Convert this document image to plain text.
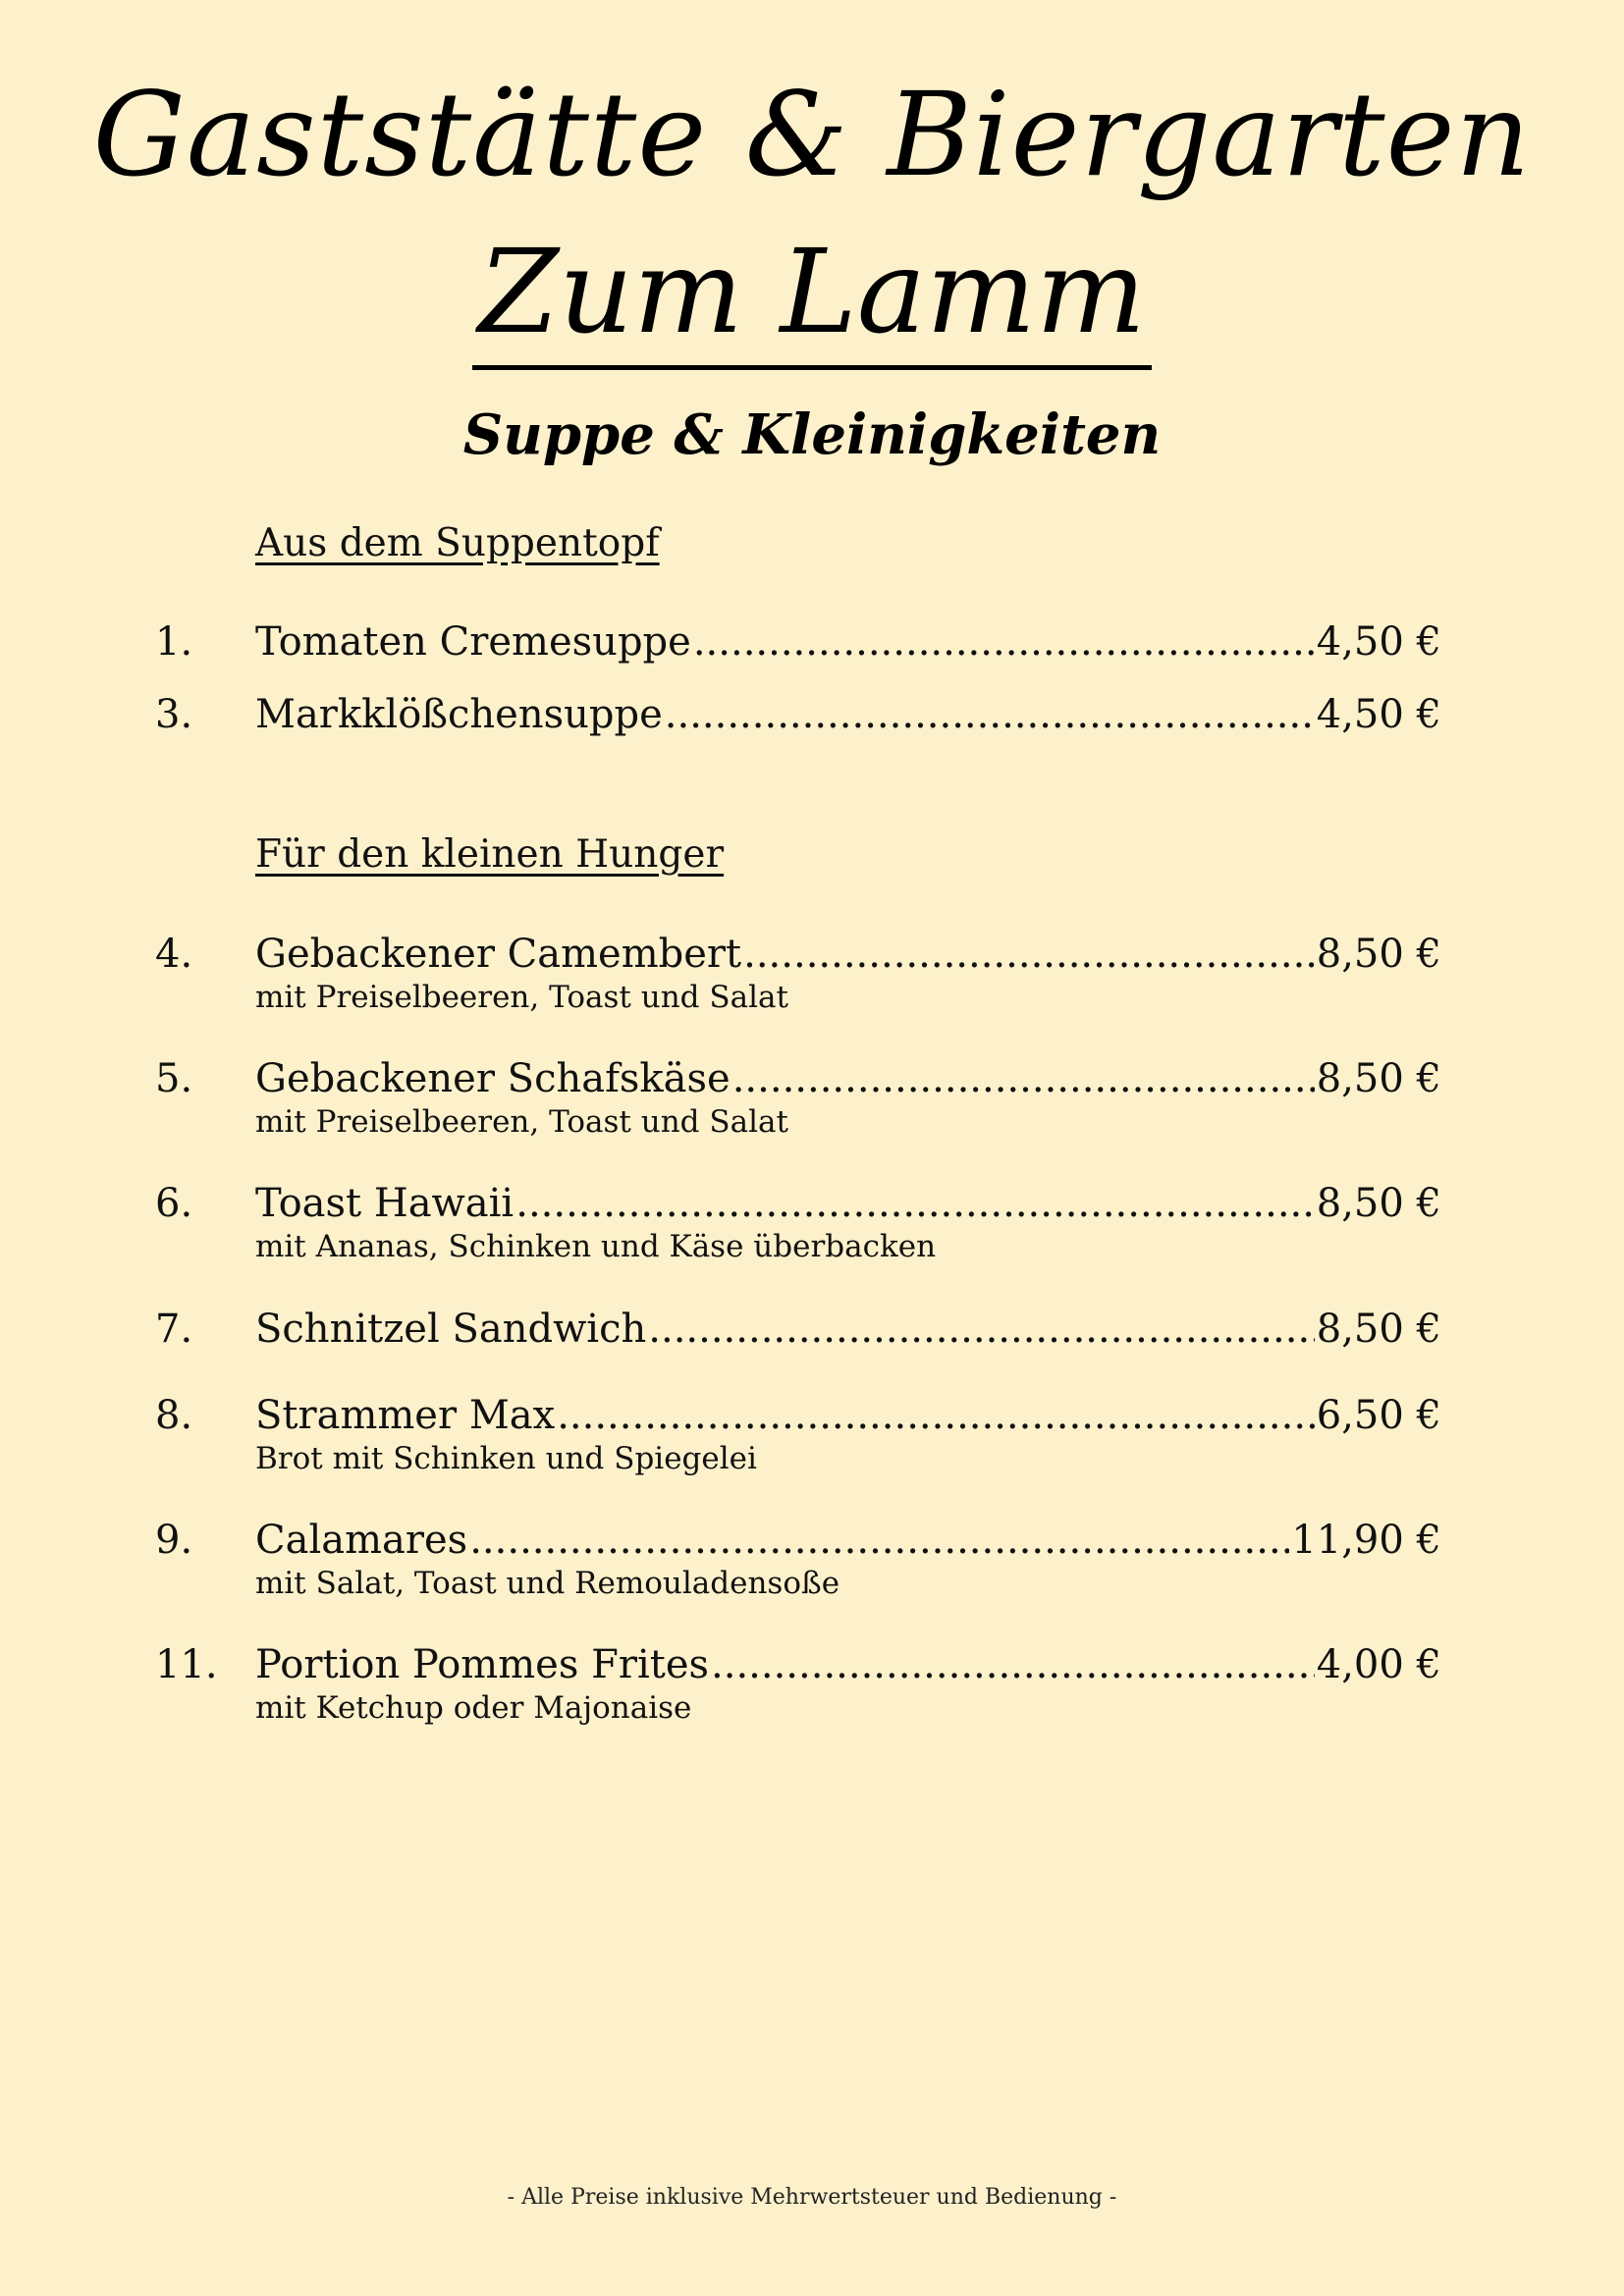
Gaststätte & Biergarten
Zum Lamm
Suppe & Kleinigkeiten
Aus dem Suppentopf
1.	Tomaten Cremesuppe .....	4,50 €
3.	Markklößchensuppe .....	4,50 €
Für den kleinen Hunger
4.	Gebackener Camembert .....	8,50 €
mit Preiselbeeren, Toast und Salat
5.	Gebackener Schafskäse .....	8,50 €
mit Preiselbeeren, Toast und Salat
6.	Toast Hawaii .....	8,50 €
mit Ananas, Schinken und Käse überbacken
7.	Schnitzel Sandwich .....	8,50 €
8.	Strammer Max .....	6,50 €
Brot mit Schinken und Spiegelei
9.	Calamares .....	11,90 €
mit Salat, Toast und Remouladensoße
11. Portion Pommes Frites .....	4,00 €
mit Ketchup oder Majonaise
- Alle Preise inklusive Mehrwertsteuer und Bedienung -
